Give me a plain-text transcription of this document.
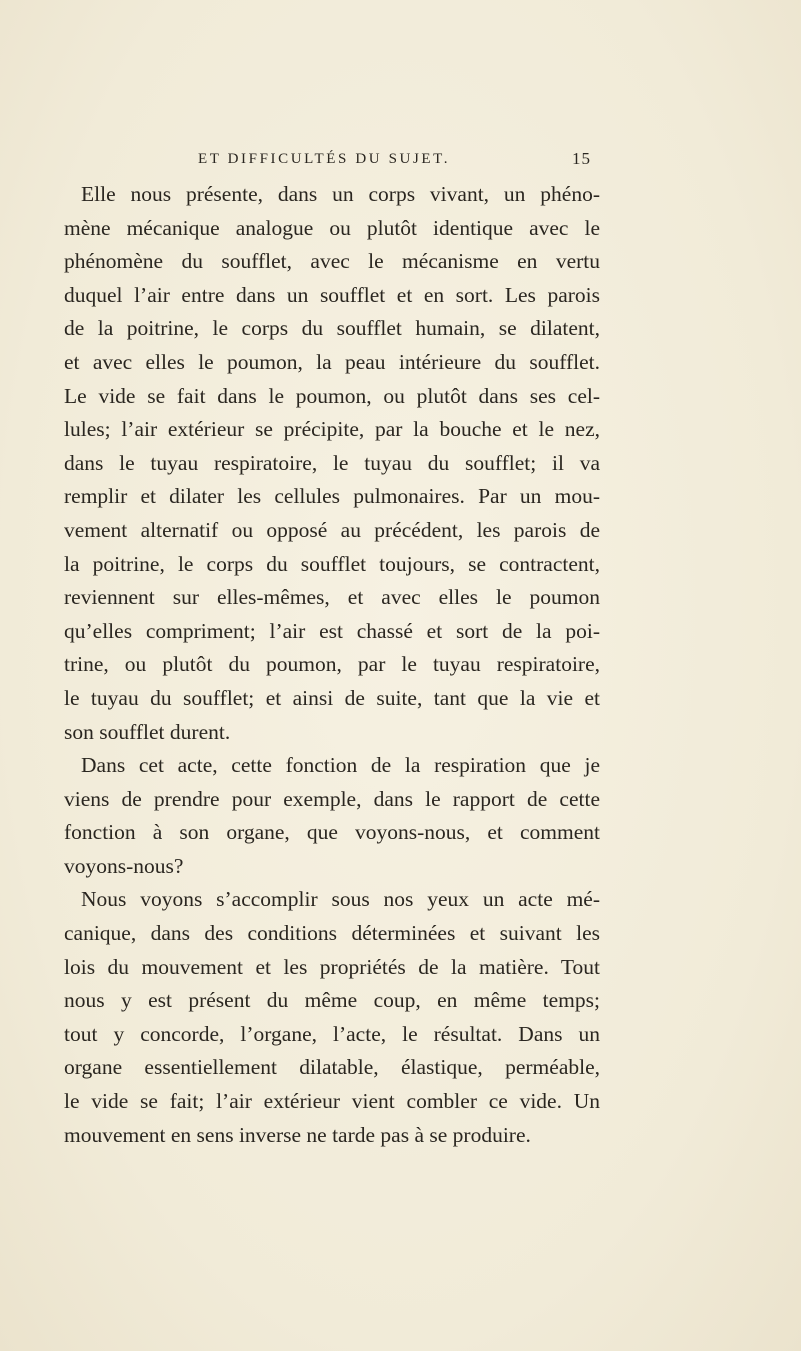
ET DIFFICULTÉS DU SUJET.	15
Elle nous présente, dans un corps vivant, un phéno-
mène mécanique analogue ou plutôt identique avec le
phénomène du soufflet, avec le mécanisme en vertu
duquel l’air entre dans un soufflet et en sort. Les parois
de la poitrine, le corps du soufflet humain, se dilatent,
et avec elles le poumon, la peau intérieure du soufflet.
Le vide se fait dans le poumon, ou plutôt dans ses cel-
lules; l’air extérieur se précipite, par la bouche et le nez,
dans le tuyau respiratoire, le tuyau du soufflet; il va
remplir et dilater les cellules pulmonaires. Par un mou-
vement alternatif ou opposé au précédent, les parois de
la poitrine, le corps du soufflet toujours, se contractent,
reviennent sur elles-mêmes, et avec elles le poumon
qu’elles compriment; l’air est chassé et sort de la poi-
trine, ou plutôt du poumon, par le tuyau respiratoire,
le tuyau du soufflet; et ainsi de suite, tant que la vie et
son soufflet durent.
Dans cet acte, cette fonction de la respiration que je
viens de prendre pour exemple, dans le rapport de cette
fonction à son organe, que voyons-nous, et comment
voyons-nous?
Nous voyons s’accomplir sous nos yeux un acte mé-
canique, dans des conditions déterminées et suivant les
lois du mouvement et les propriétés de la matière. Tout
nous y est présent du même coup, en même temps;
tout y concorde, l’organe, l’acte, le résultat. Dans un
organe essentiellement dilatable, élastique, perméable,
le vide se fait; l’air extérieur vient combler ce vide. Un
mouvement en sens inverse ne tarde pas à se produire.
